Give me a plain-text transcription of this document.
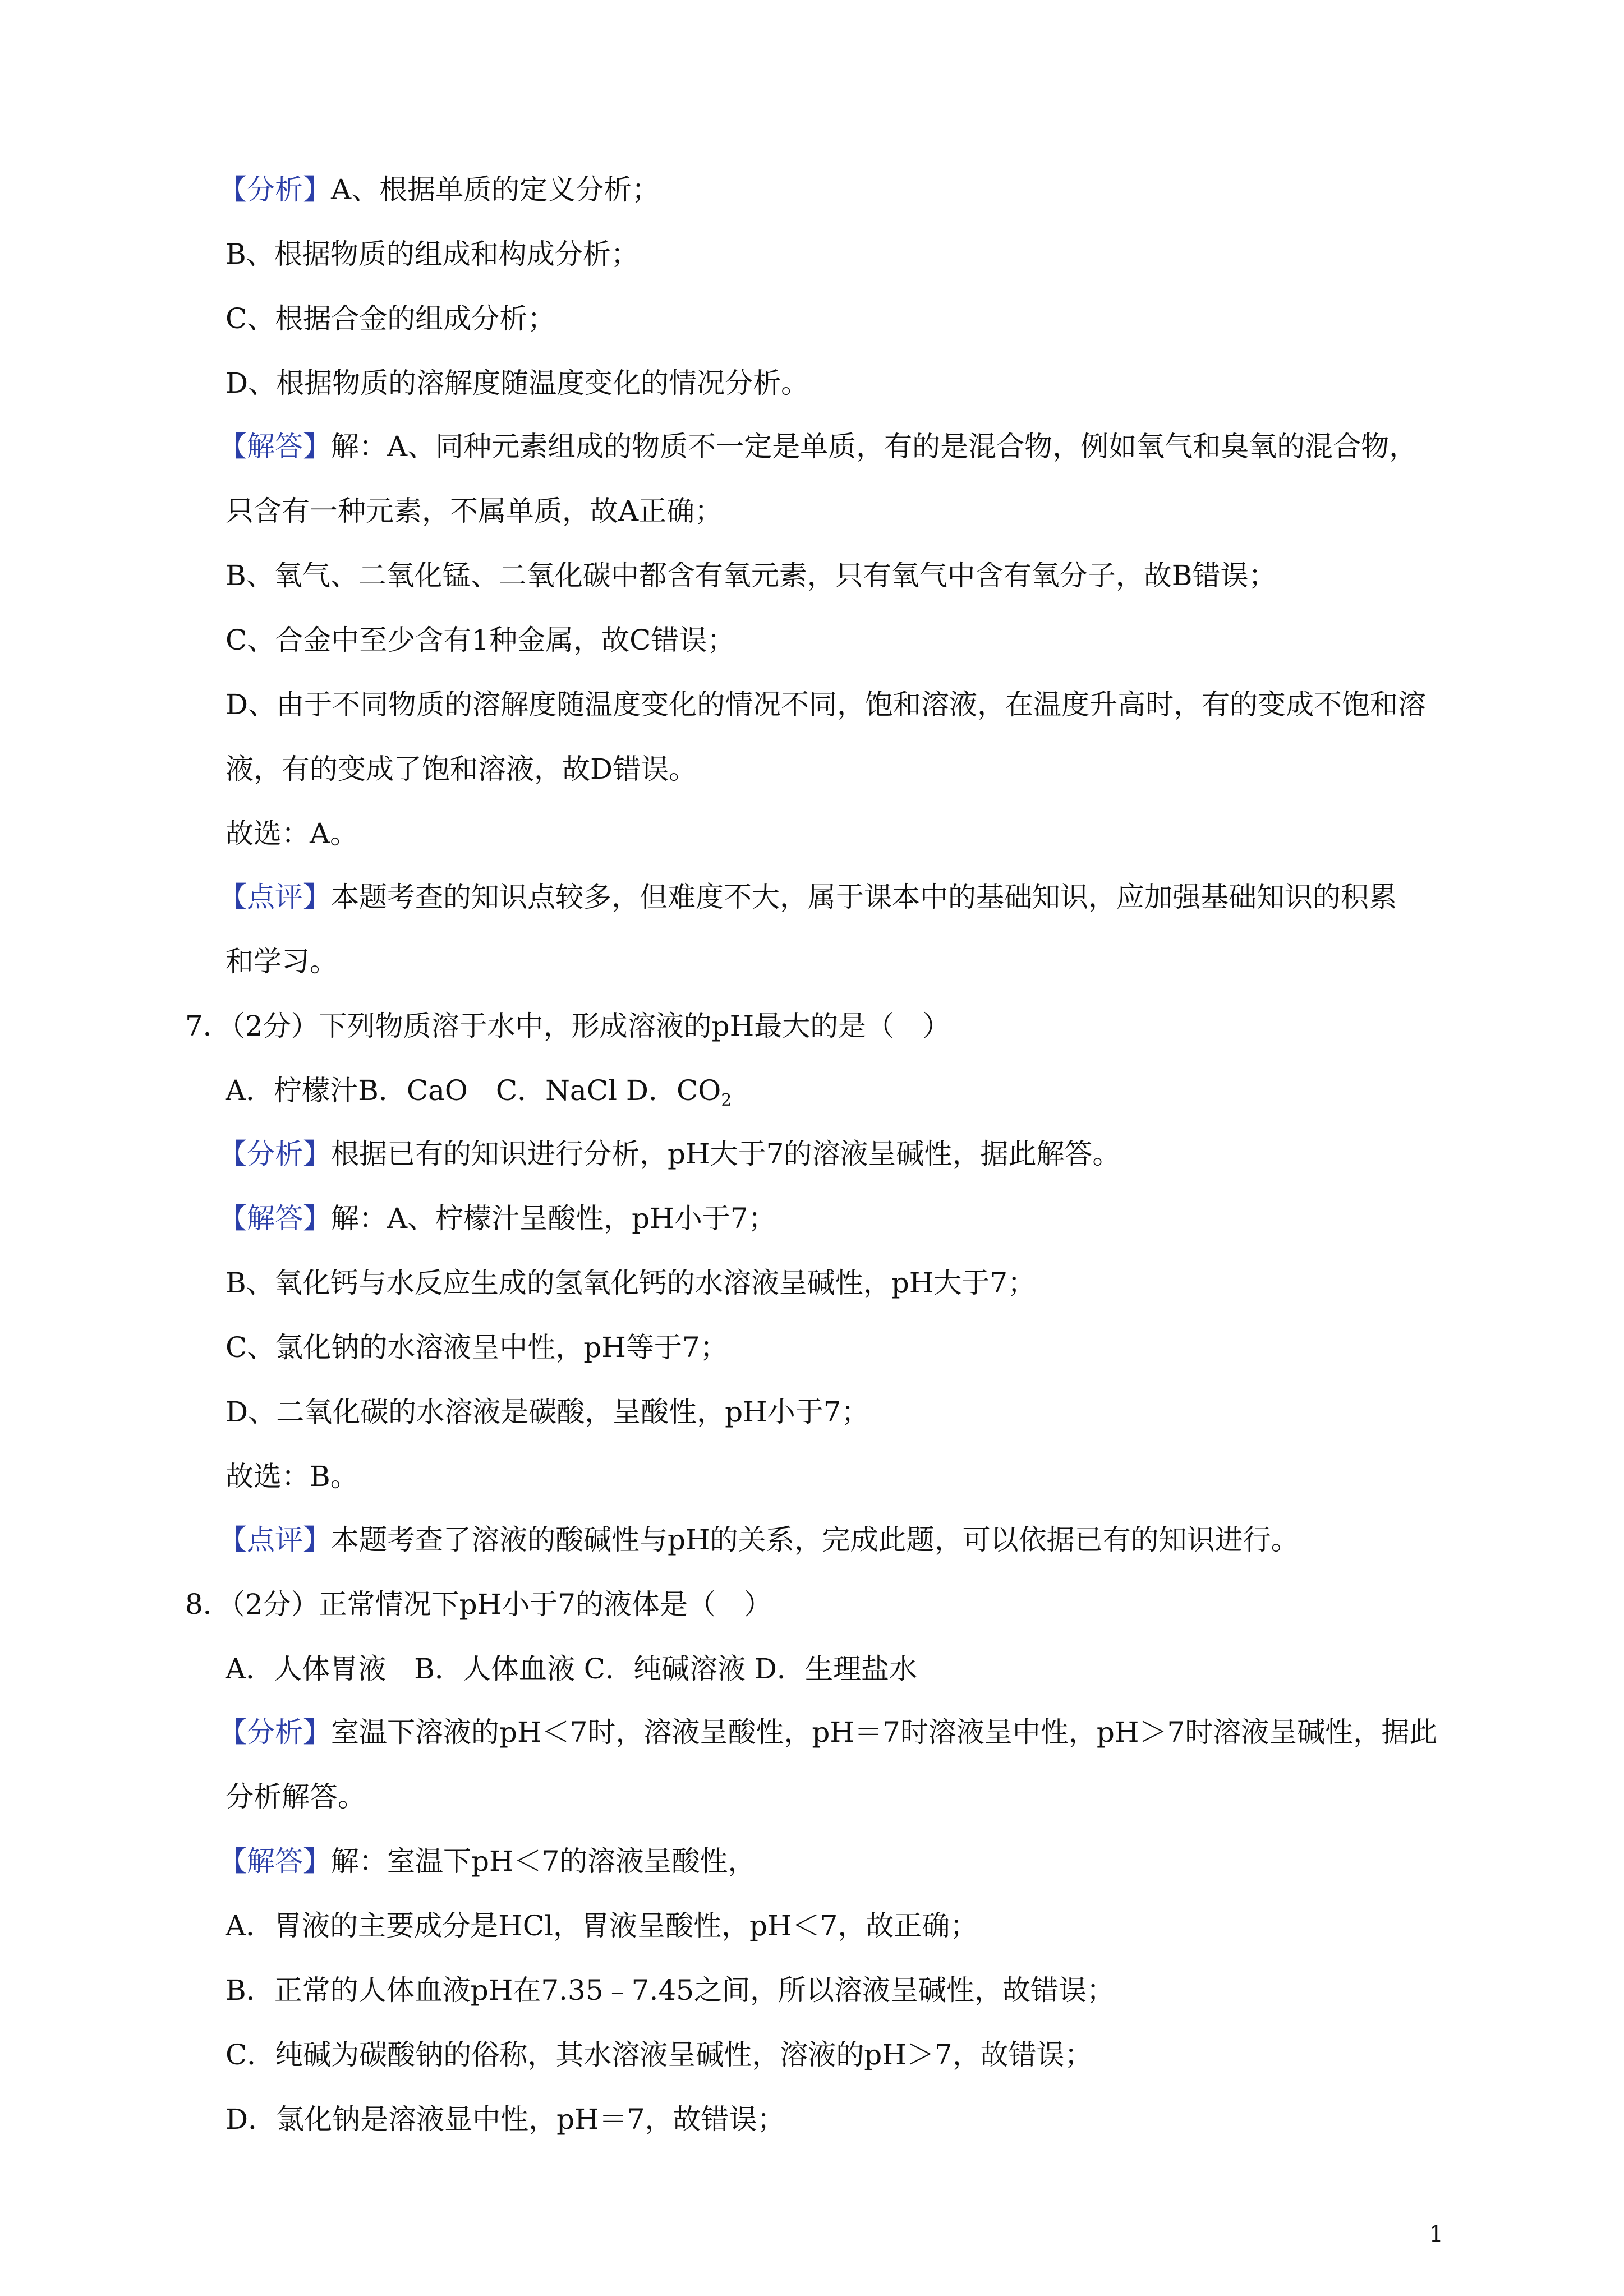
【分析】A、根据单质的定义分析；
B、根据物质的组成和构成分析；
C、根据合金的组成分析；
D、根据物质的溶解度随温度变化的情况分析。
【解答】解：A、同种元素组成的物质不一定是单质，有的是混合物，例如氧气和臭氧的混合物，
只含有一种元素，不属单质，故A正确；
B、氧气、二氧化锰、二氧化碳中都含有氧元素，只有氧气中含有氧分子，故B错误；
C、合金中至少含有1种金属，故C错误；
D、由于不同物质的溶解度随温度变化的情况不同，饱和溶液，在温度升高时，有的变成不饱和溶
液，有的变成了饱和溶液，故D错误。
故选：A。
【点评】本题考查的知识点较多，但难度不大，属于课本中的基础知识，应加强基础知识的积累
和学习。
7．（2分）下列物质溶于水中，形成溶液的pH最大的是（　）
A．柠檬汁B．CaO　C．NaCl D．$CO_2$
【分析】根据已有的知识进行分析，pH大于7的溶液呈碱性，据此解答。
【解答】解：A、柠檬汁呈酸性，pH小于7；
B、氧化钙与水反应生成的氢氧化钙的水溶液呈碱性，pH大于7；
C、氯化钠的水溶液呈中性，pH等于7；
D、二氧化碳的水溶液是碳酸，呈酸性，pH小于7；
故选：B。
【点评】本题考查了溶液的酸碱性与pH的关系，完成此题，可以依据已有的知识进行。
8．（2分）正常情况下pH小于7的液体是（　）
A．人体胃液　B．人体血液 C．纯碱溶液 D．生理盐水
【分析】室温下溶液的pH＜7时，溶液呈酸性，pH＝7时溶液呈中性，pH＞7时溶液呈碱性，据此
分析解答。
【解答】解：室温下pH＜7的溶液呈酸性，
A．胃液的主要成分是HCl，胃液呈酸性，pH＜7，故正确；
B．正常的人体血液pH在7.35﹣7.45之间，所以溶液呈碱性，故错误；
C．纯碱为碳酸钠的俗称，其水溶液呈碱性，溶液的pH＞7，故错误；
D．氯化钠是溶液显中性，pH＝7，故错误；
1
